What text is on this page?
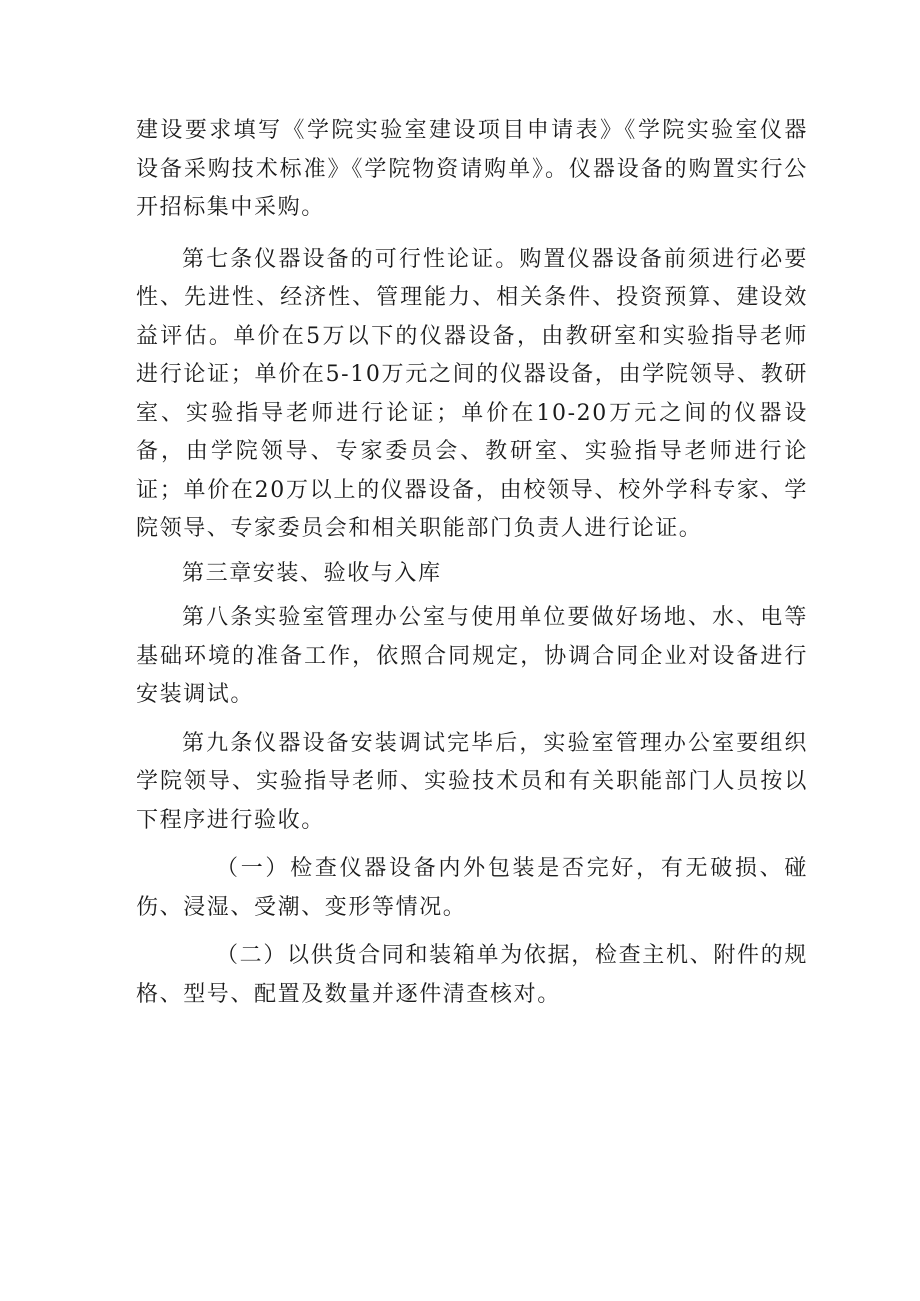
建设要求填写《学院实验室建设项目申请表》《学院实验室仪器设备采购技术标准》《学院物资请购单》。仪器设备的购置实行公开招标集中采购。

第七条仪器设备的可行性论证。购置仪器设备前须进行必要性、先进性、经济性、管理能力、相关条件、投资预算、建设效益评估。单价在5万以下的仪器设备，由教研室和实验指导老师进行论证；单价在5-10万元之间的仪器设备，由学院领导、教研室、实验指导老师进行论证；单价在10-20万元之间的仪器设备，由学院领导、专家委员会、教研室、实验指导老师进行论证；单价在20万以上的仪器设备，由校领导、校外学科专家、学院领导、专家委员会和相关职能部门负责人进行论证。

第三章安装、验收与入库

第八条实验室管理办公室与使用单位要做好场地、水、电等基础环境的准备工作，依照合同规定，协调合同企业对设备进行安装调试。

第九条仪器设备安装调试完毕后，实验室管理办公室要组织学院领导、实验指导老师、实验技术员和有关职能部门人员按以下程序进行验收。

（一）检查仪器设备内外包装是否完好，有无破损、碰伤、浸湿、受潮、变形等情况。

（二）以供货合同和装箱单为依据，检查主机、附件的规格、型号、配置及数量并逐件清查核对。
